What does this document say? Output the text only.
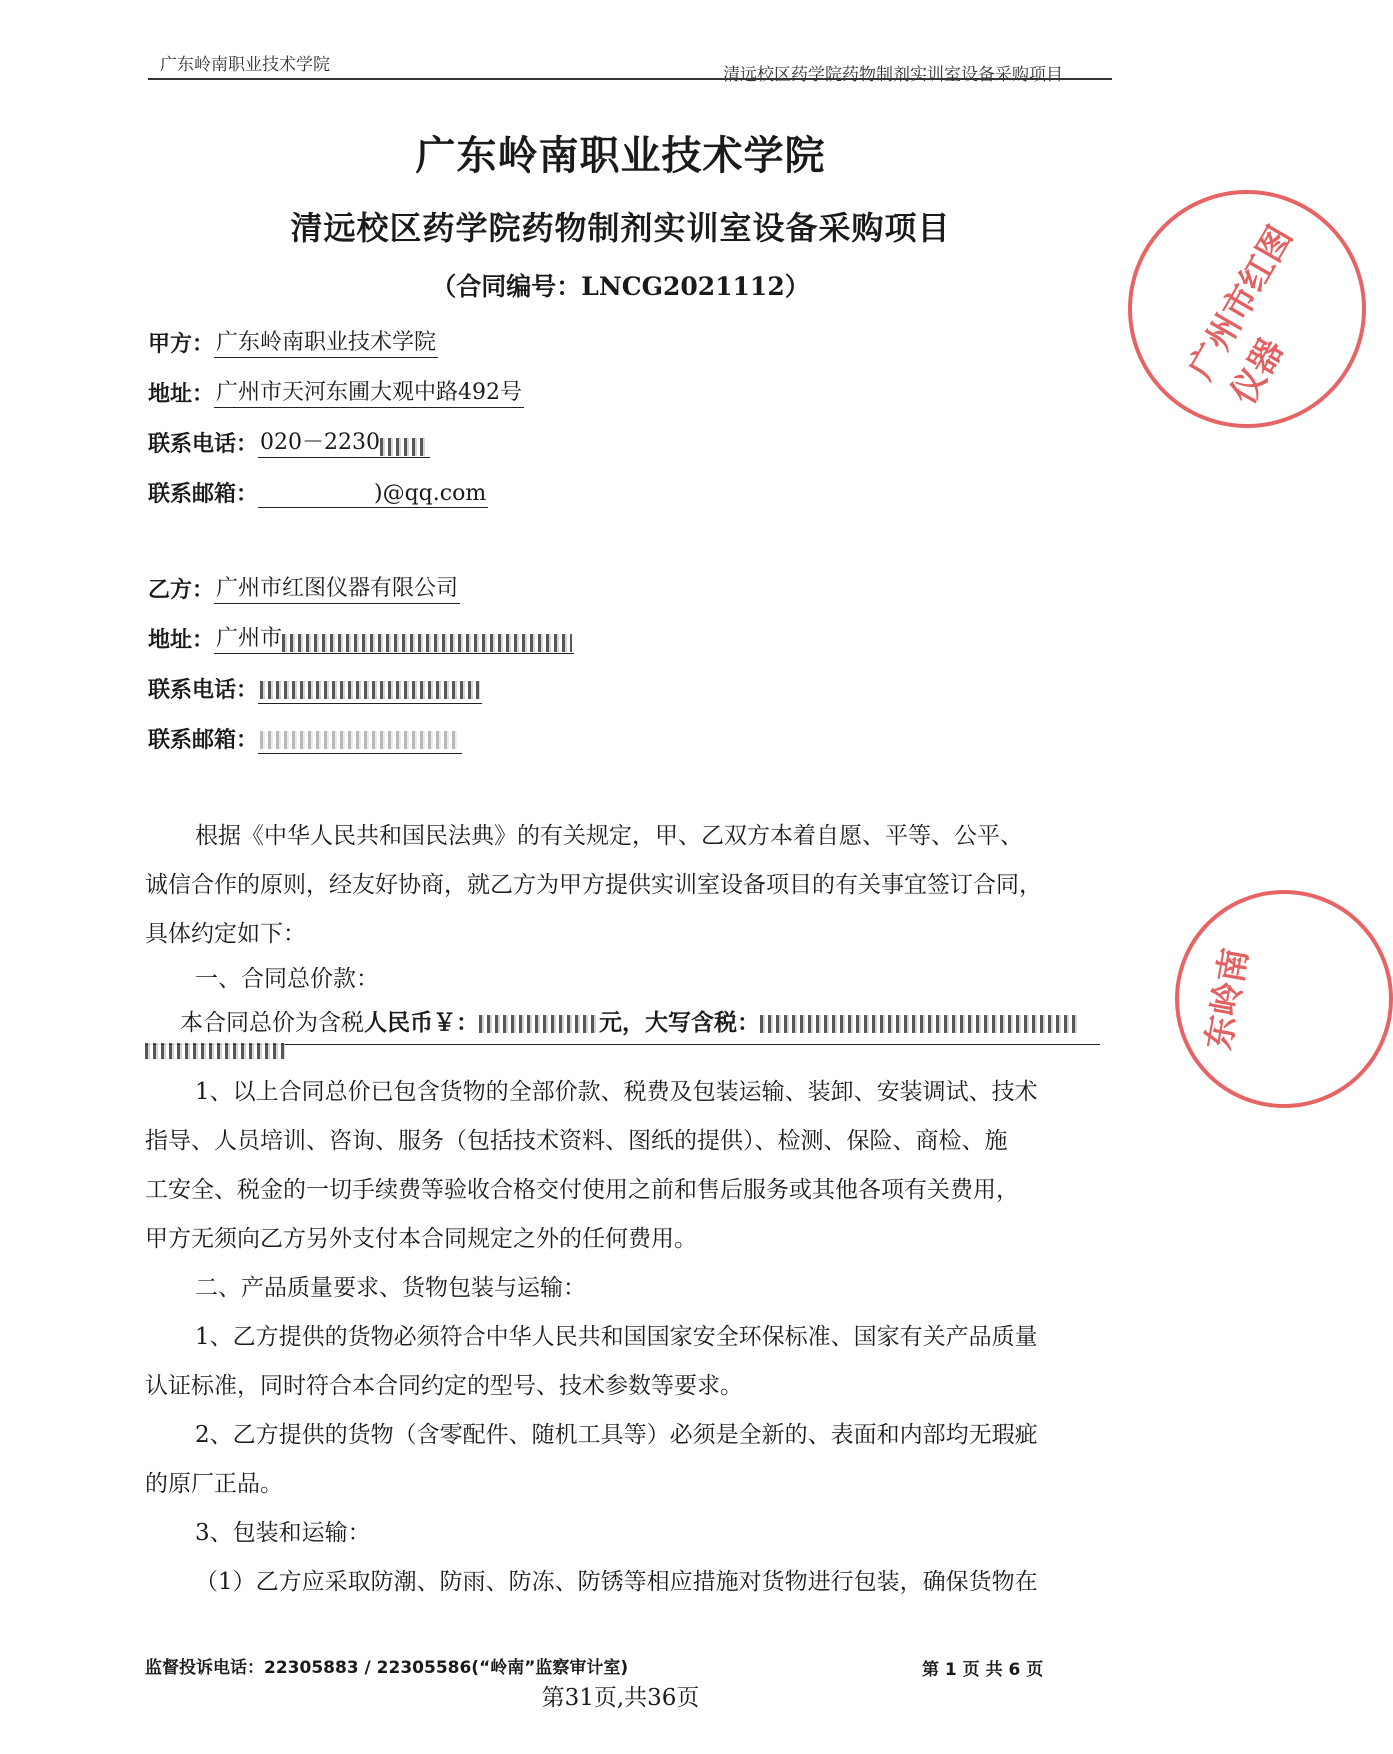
广东岭南职业技术学院	清远校区药学院药物制剂实训室设备采购项目
广东岭南职业技术学院
清远校区药学院药物制剂实训室设备采购项目
（合同编号：LNCG2021112）
甲方： 广东岭南职业技术学院
地址： 广州市天河东圃大观中路492号
联系电话： 020－2230
联系邮箱：	)@qq.com
乙方： 广州市红图仪器有限公司
地址： 广州市
联系电话：
联系邮箱：
根据《中华人民共和国民法典》的有关规定，甲、乙双方本着自愿、平等、公平、
诚信合作的原则，经友好协商，就乙方为甲方提供实训室设备项目的有关事宜签订合同，
具体约定如下：
一、合同总价款：
本合同总价为含税人民币￥：	元，大写含税：
1、以上合同总价已包含货物的全部价款、税费及包装运输、装卸、安装调试、技术
指导、人员培训、咨询、服务（包括技术资料、图纸的提供）、检测、保险、商检、施
工安全、税金的一切手续费等验收合格交付使用之前和售后服务或其他各项有关费用，
甲方无须向乙方另外支付本合同规定之外的任何费用。
二、产品质量要求、货物包装与运输：
1、乙方提供的货物必须符合中华人民共和国国家安全环保标准、国家有关产品质量
认证标准，同时符合本合同约定的型号、技术参数等要求。
2、乙方提供的货物（含零配件、随机工具等）必须是全新的、表面和内部均无瑕疵
的原厂正品。
3、包装和运输：
（1）乙方应采取防潮、防雨、防冻、防锈等相应措施对货物进行包装，确保货物在
监督投诉电话：22305883 / 22305586(“岭南”监察审计室)	第 1 页 共 6 页
第31页,共36页
广州市红图仪器
东岭南
